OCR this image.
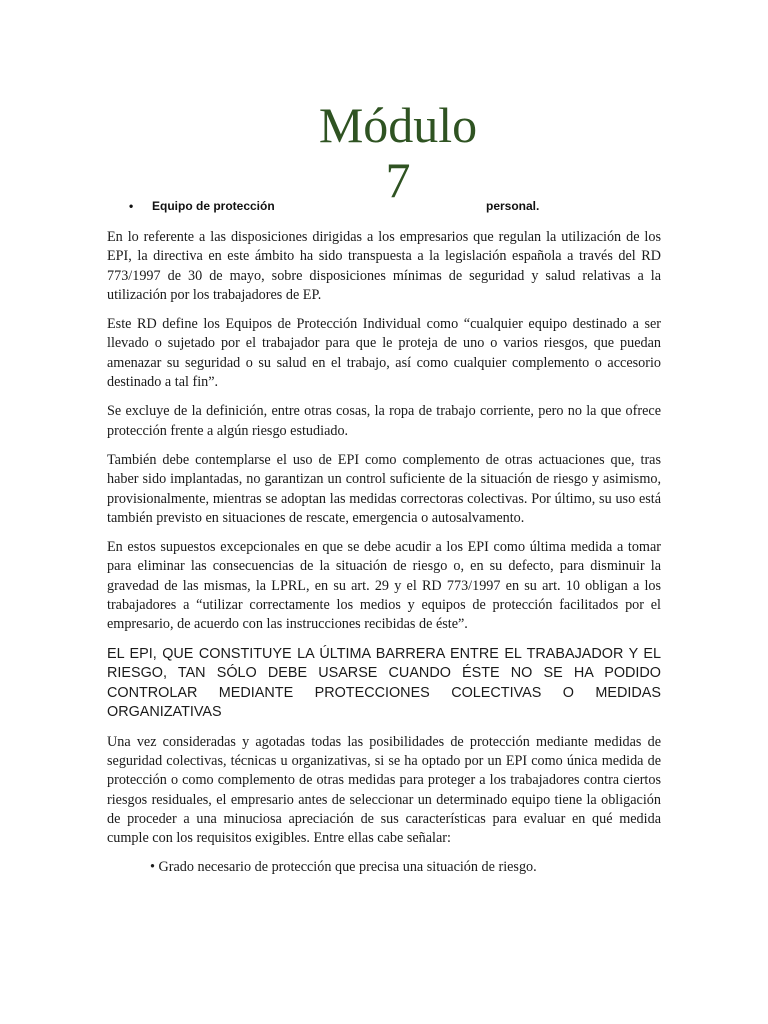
Módulo
7
• Equipo de protección	personal.

En lo referente a las disposiciones dirigidas a los empresarios que regulan la utilización de los EPI, la directiva en este ámbito ha sido transpuesta a la legislación española a través del RD 773/1997 de 30 de mayo, sobre disposiciones mínimas de seguridad y salud relativas a la utilización por los trabajadores de EP.

Este RD define los Equipos de Protección Individual como “cualquier equipo destinado a ser llevado o sujetado por el trabajador para que le proteja de uno o varios riesgos, que puedan amenazar su seguridad o su salud en el trabajo, así como cualquier complemento o accesorio destinado a tal fin”.

Se excluye de la definición, entre otras cosas, la ropa de trabajo corriente, pero no la que ofrece protección frente a algún riesgo estudiado.

También debe contemplarse el uso de EPI como complemento de otras actuaciones que, tras haber sido implantadas, no garantizan un control suficiente de la situación de riesgo y asimismo, provisionalmente, mientras se adoptan las medidas correctoras colectivas. Por último, su uso está también previsto en situaciones de rescate, emergencia o autosalvamento.

En estos supuestos excepcionales en que se debe acudir a los EPI como última medida a tomar para eliminar las consecuencias de la situación de riesgo o, en su defecto, para disminuir la gravedad de las mismas, la LPRL, en su art. 29 y el RD 773/1997 en su art. 10 obligan a los trabajadores a “utilizar correctamente los medios y equipos de protección facilitados por el empresario, de acuerdo con las instrucciones recibidas de éste”.

EL EPI, QUE CONSTITUYE LA ÚLTIMA BARRERA ENTRE EL TRABAJADOR Y EL RIESGO, TAN SÓLO DEBE USARSE CUANDO ÉSTE NO SE HA PODIDO CONTROLAR MEDIANTE PROTECCIONES COLECTIVAS O MEDIDAS ORGANIZATIVAS

Una vez consideradas y agotadas todas las posibilidades de protección mediante medidas de seguridad colectivas, técnicas u organizativas, si se ha optado por un EPI como única medida de protección o como complemento de otras medidas para proteger a los trabajadores contra ciertos riesgos residuales, el empresario antes de seleccionar un determinado equipo tiene la obligación de proceder a una minuciosa apreciación de sus características para evaluar en qué medida cumple con los requisitos exigibles. Entre ellas cabe señalar:

• Grado necesario de protección que precisa una situación de riesgo.
